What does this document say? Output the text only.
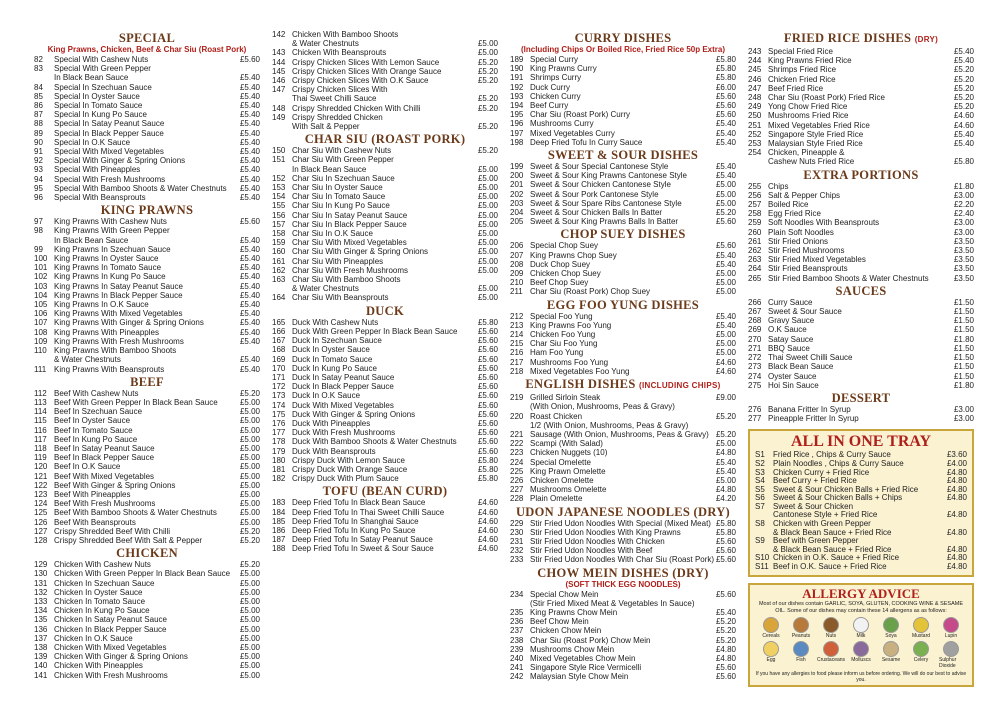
SPECIAL
King Prawns, Chicken, Beef & Char Siu (Roast Pork)
82	Special With Cashew Nuts	£5.60
83	Special With Green Pepper
In Black Bean Sauce	£5.40
84	Special In Szechuan Sauce	£5.40
85	Special In Oyster Sauce	£5.40
86	Special In Tomato Sauce	£5.40
87	Special In Kung Po Sauce	£5.40
88	Special In Satay Peanut Sauce	£5.40
89	Special In Black Pepper Sauce	£5.40
90	Special In O.K Sauce	£5.40
91	Special With Mixed Vegetables	£5.40
92	Special With Ginger & Spring Onions	£5.40
93	Special With Pineapples	£5.40
94	Special With Fresh Mushrooms	£5.40
95	Special With Bamboo Shoots & Water Chestnuts	£5.40
96	Special With Beansprouts	£5.40
KING PRAWNS
97	King Prawns With Cashew Nuts	£5.60
98	King Prawns With Green Pepper
In Black Bean Sauce	£5.40
99	King Prawns In Szechuan Sauce	£5.40
100 King Prawns In Oyster Sauce	£5.40
101 King Prawns In Tomato Sauce	£5.40
102 King Prawns In Kung Po Sauce	£5.40
103 King Prawns In Satay Peanut Sauce	£5.40
104 King Prawns In Black Pepper Sauce	£5.40
105 King Prawns In O.K Sauce	£5.40
106 King Prawns With Mixed Vegetables	£5.40
107 King Prawns With Ginger & Spring Onions	£5.40
108 King Prawns With Pineapples	£5.40
109 King Prawns With Fresh Mushrooms	£5.40
110 King Prawns With Bamboo Shoots
& Water Chestnuts	£5.40
111 King Prawns With Beansprouts	£5.40
BEEF
112 Beef With Cashew Nuts	£5.20
113 Beef With Green Pepper In Black Bean Sauce	£5.00
114 Beef In Szechuan Sauce	£5.00
115 Beef In Oyster Sauce	£5.00
116 Beef In Tomato Sauce	£5.00
117 Beef In Kung Po Sauce	£5.00
118 Beef In Satay Peanut Sauce	£5.00
119 Beef In Black Pepper Sauce	£5.00
120 Beef In O.K Sauce	£5.00
121 Beef With Mixed Vegetables	£5.00
122 Beef With Ginger & Spring Onions	£5.00
123 Beef With Pineapples	£5.00
124 Beef With Fresh Mushrooms	£5.00
125 Beef With Bamboo Shoots & Water Chestnuts	£5.00
126 Beef With Beansprouts	£5.00
127 Crispy Shredded Beef With Chilli	£5.20
128 Crispy Shredded Beef With Salt & Pepper	£5.20
CHICKEN
129 Chicken With Cashew Nuts	£5.20
130 Chicken With Green Pepper In Black Bean Sauce	£5.00
131 Chicken In Szechuan Sauce	£5.00
132 Chicken In Oyster Sauce	£5.00
133 Chicken In Tomato Sauce	£5.00
134 Chicken In Kung Po Sauce	£5.00
135 Chicken In Satay Peanut Sauce	£5.00
136 Chicken In Black Pepper Sauce	£5.00
137 Chicken In O.K Sauce	£5.00
138 Chicken With Mixed Vegetables	£5.00
139 Chicken With Ginger & Spring Onions	£5.00
140 Chicken With Pineapples	£5.00
141 Chicken With Fresh Mushrooms	£5.00
142 Chicken With Bamboo Shoots
& Water Chestnuts	£5.00
143 Chicken With Beansprouts	£5.00
144 Crispy Chicken Slices With Lemon Sauce	£5.20
145 Crispy Chicken Slices With Orange Sauce	£5.20
146 Crispy Chicken Slices With O.K Sauce	£5.20
147 Crispy Chicken Slices With
Thai Sweet Chilli Sauce	£5.20
148 Crispy Shredded Chicken With Chilli	£5.20
149 Crispy Shredded Chicken
With Salt & Pepper	£5.20
CHAR SIU (ROAST PORK)
150 Char Siu With Cashew Nuts	£5.20
151 Char Siu With Green Pepper
In Black Bean Sauce	£5.00
152 Char Siu In Szechuan Sauce	£5.00
153 Char Siu In Oyster Sauce	£5.00
154 Char Siu In Tomato Sauce	£5.00
155 Char Siu In Kung Po Sauce	£5.00
156 Char Siu In Satay Peanut Sauce	£5.00
157 Char Siu In Black Pepper Sauce	£5.00
158 Char Siu In O.K Sauce	£5.00
159 Char Siu With Mixed Vegetables	£5.00
160 Char Siu With Ginger & Spring Onions	£5.00
161 Char Siu With Pineapples	£5.00
162 Char Siu With Fresh Mushrooms	£5.00
163 Char Siu With Bamboo Shoots
& Water Chestnuts	£5.00
164 Char Siu With Beansprouts	£5.00
DUCK
165 Duck With Cashew Nuts	£5.80
166 Duck With Green Pepper In Black Bean Sauce	£5.60
167 Duck In Szechuan Sauce	£5.60
168 Duck In Oyster Sauce	£5.60
169 Duck In Tomato Sauce	£5.60
170 Duck In Kung Po Sauce	£5.60
171 Duck In Satay Peanut Sauce	£5.60
172 Duck In Black Pepper Sauce	£5.60
173 Duck In O.K Sauce	£5.60
174 Duck With Mixed Vegetables	£5.60
175 Duck With Ginger & Spring Onions	£5.60
176 Duck With Pineapples	£5.60
177 Duck With Fresh Mushrooms	£5.60
178 Duck With Bamboo Shoots & Water Chestnuts	£5.60
179 Duck With Beansprouts	£5.60
180 Crispy Duck With Lemon Sauce	£5.80
181 Crispy Duck With Orange Sauce	£5.80
182 Crispy Duck With Plum Sauce	£5.80
TOFU (BEAN CURD)
183 Deep Fried Tofu In Black Bean Sauce	£4.60
184 Deep Fried Tofu In Thai Sweet Chilli Sauce	£4.60
185 Deep Fried Tofu In Shanghai Sauce	£4.60
186 Deep Fried Tofu In Kung Po Sauce	£4.60
187 Deep Fried Tofu In Satay Peanut Sauce	£4.60
188 Deep Fried Tofu In Sweet & Sour Sauce	£4.60
CURRY DISHES
(Including Chips Or Boiled Rice, Fried Rice 50p Extra)
189 Special Curry	£5.80
190 King Prawns Curry	£5.80
191 Shrimps Curry	£5.80
192 Duck Curry	£6.00
193 Chicken Curry	£5.60
194 Beef Curry	£5.60
195 Char Siu (Roast Pork) Curry	£5.60
196 Mushrooms Curry	£5.40
197 Mixed Vegetables Curry	£5.40
198 Deep Fried Tofu In Curry Sauce	£5.40
SWEET & SOUR DISHES
199 Sweet & Sour Special Cantonese Style	£5.40
200 Sweet & Sour King Prawns Cantonese Style	£5.40
201 Sweet & Sour Chicken Cantonese Style	£5.00
202 Sweet & Sour Pork Cantonese Style	£5.00
203 Sweet & Sour Spare Ribs Cantonese Style	£5.00
204 Sweet & Sour Chicken Balls In Batter	£5.20
205 Sweet & Sour King Prawns Balls In Batter	£5.60
CHOP SUEY DISHES
206 Special Chop Suey	£5.60
207 King Prawns Chop Suey	£5.40
208 Duck Chop Suey	£5.40
209 Chicken Chop Suey	£5.00
210 Beef Chop Suey	£5.00
211 Char Siu (Roast Pork) Chop Suey	£5.00
EGG FOO YUNG DISHES
212 Special Foo Yung	£5.40
213 King Prawns Foo Yung	£5.40
214 Chicken Foo Yung	£5.00
215 Char Siu Foo Yung	£5.00
216 Ham Foo Yung	£5.00
217 Mushrooms Foo Yung	£4.60
218 Mixed Vegetables Foo Yung	£4.60
ENGLISH DISHES (INCLUDING CHIPS)
219 Grilled Sirloin Steak	£9.00
(With Onion, Mushrooms, Peas & Gravy)
220 Roast Chicken	£5.20
1/2 (With Onion, Mushrooms, Peas & Gravy)
221 Sausage (With Onion, Mushrooms, Peas & Gravy) £5.20
222 Scampi (With Salad)	£5.00
223 Chicken Nuggets (10)	£4.80
224 Special Omelette	£5.40
225 King Prawn Omelette	£5.40
226 Chicken Omelette	£5.00
227 Mushrooms Omelette	£4.80
228 Plain Omelette	£4.20
UDON JAPANESE NOODLES (DRY)
229 Stir Fried Udon Noodles With Special (Mixed Meat) £5.80
230 Stir Fried Udon Noodles With King Prawns	£5.80
231 Stir Fried Udon Noodles With Chicken	£5.60
232 Stir Fried Udon Noodles With Beef	£5.60
233 Stir Fried Udon Noodles With Char Siu (Roast Pork) £5.60
CHOW MEIN DISHES (DRY)
(SOFT THICK EGG NOODLES)
234 Special Chow Mein	£5.60
(Stir Fried Mixed Meat & Vegetables In Sauce)
235 King Prawns Chow Mein	£5.40
236 Beef Chow Mein	£5.20
237 Chicken Chow Mein	£5.20
238 Char Siu (Roast Pork) Chow Mein	£5.20
239 Mushrooms Chow Mein	£4.80
240 Mixed Vegetables Chow Mein	£4.80
241 Singapore Style Rice Vermicelli	£5.60
242 Malaysian Style Chow Mein	£5.60
FRIED RICE DISHES (DRY)
243 Special Fried Rice	£5.40
244 King Prawns Fried Rice	£5.40
245 Shrimps Fried Rice	£5.20
246 Chicken Fried Rice	£5.20
247 Beef Fried Rice	£5.20
248 Char Siu (Roast Pork) Fried Rice	£5.20
249 Yong Chow Fried Rice	£5.20
250 Mushrooms Fried Rice	£4.60
251 Mixed Vegetables Fried Rice	£4.60
252 Singapore Style Fried Rice	£5.40
253 Malaysian Style Fried Rice	£5.40
254 Chicken, Pineapple &
Cashew Nuts Fried Rice	£5.80
EXTRA PORTIONS
255 Chips	£1.80
256 Salt & Pepper Chips	£3.00
257 Boiled Rice	£2.20
258 Egg Fried Rice	£2.40
259 Soft Noodles With Beansprouts	£3.00
260 Plain Soft Noodles	£3.00
261 Stir Fried Onions	£3.50
262 Stir Fried Mushrooms	£3.50
263 Stir Fried Mixed Vegetables	£3.50
264 Stir Fried Beansprouts	£3.50
265 Stir Fried Bamboo Shoots & Water Chestnuts	£3.50
SAUCES
266 Curry Sauce	£1.50
267 Sweet & Sour Sauce	£1.50
268 Gravy Sauce	£1.50
269 O.K Sauce	£1.50
270 Satay Sauce	£1.80
271 BBQ Sauce	£1.50
272 Thai Sweet Chilli Sauce	£1.50
273 Black Bean Sauce	£1.50
274 Oyster Sauce	£1.50
275 Hoi Sin Sauce	£1.80
DESSERT
276 Banana Fritter In Syrup	£3.00
277 Pineapple Fritter In Syrup	£3.00
ALL IN ONE TRAY
S1	Fried Rice , Chips & Curry Sauce	£3.60
S2	Plain Noodles , Chips & Curry Sauce	£4.00
S3	Chicken Curry + Fried Rice	£4.80
S4	Beef Curry + Fried Rice	£4.80
S5	Sweet & Sour Chicken Balls + Fried Rice	£4.80
S6	Sweet & Sour Chicken Balls + Chips	£4.80
S7	Sweet & Sour Chicken
Cantonese Style + Fried Rice	£4.80
S8	Chicken with Green Pepper
& Black Bean Sauce + Fried Rice	£4.80
S9	Beef with Green Pepper
& Black Bean Sauce + Fried Rice	£4.80
S10 Chicken in O.K. Sauce + Fried Rice	£4.80
S11 Beef in O.K. Sauce + Fried Rice	£4.80
ALLERGY ADVICE
Most of our dishes contain GARLIC, SOYA, GLUTEN, COOKING WINE & SESAME OIL. Some of our dishes may contain these 14 allergens as as follows:
Cereals Peanuts	Nuts	Milk	Soya	Mustard	Lupin
Egg	Fish Crustaceans Molluscs Sesame	Celery Sulphur Dioxide
If you have any allergies to food please inform us before ordering. We will do our best to advise you.
